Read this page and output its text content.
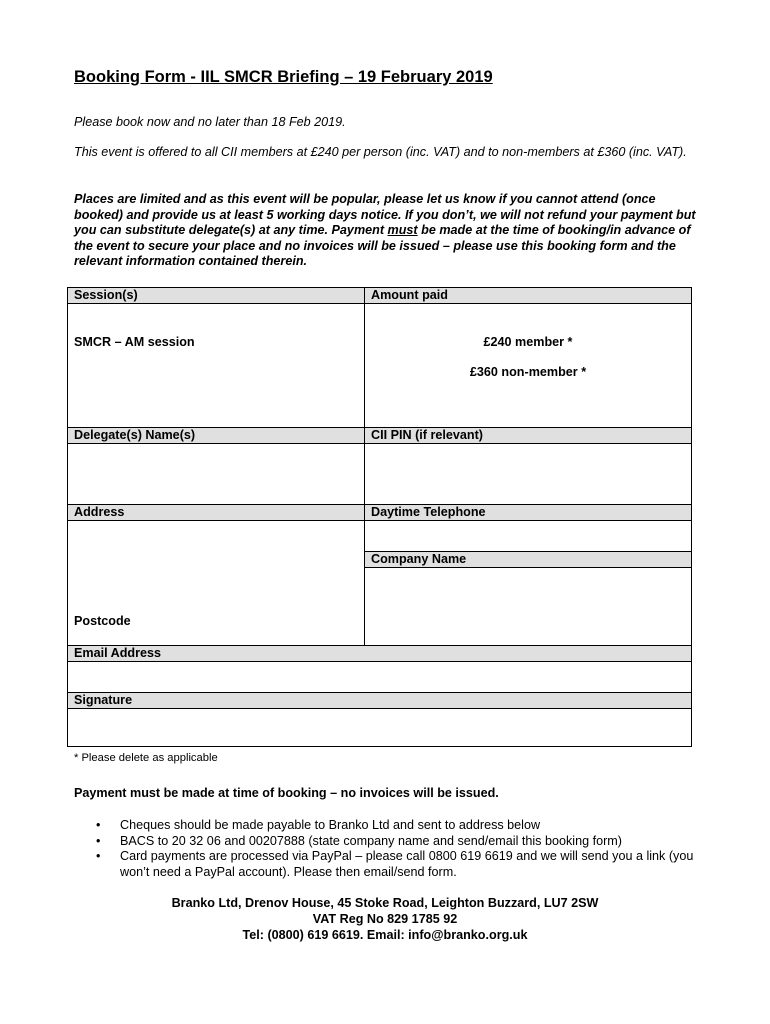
Booking Form - IIL SMCR Briefing – 19 February 2019

Please book now and no later than 18 Feb 2019.

This event is offered to all CII members at £240 per person (inc. VAT) and to non-members at £360 (inc. VAT).

Places are limited and as this event will be popular, please let us know if you cannot attend (once booked) and provide us at least 5 working days notice. If you don’t, we will not refund your payment but you can substitute delegate(s) at any time. Payment must be made at the time of booking/in advance of the event to secure your place and no invoices will be issued – please use this booking form and the relevant information contained therein.

Session(s)	Amount paid

SMCR – AM session	£240 member *
£360 non-member *

Delegate(s) Name(s)	CII PIN (if relevant)

Address	Daytime Telephone

Postcode	

	Company Name

Email Address	

Signature	

* Please delete as applicable
Payment must be made at time of booking – no invoices will be issued.
• Cheques should be made payable to Branko Ltd and sent to address below
• BACS to 20 32 06 and 00207888 (state company name and send/email this booking form)
• Card payments are processed via PayPal – please call 0800 619 6619 and we will send you a link (you won’t need a PayPal account). Please then email/send form.
Branko Ltd, Drenov House, 45 Stoke Road, Leighton Buzzard, LU7 2SW
VAT Reg No 829 1785 92
Tel: (0800) 619 6619. Email: info@branko.org.uk
